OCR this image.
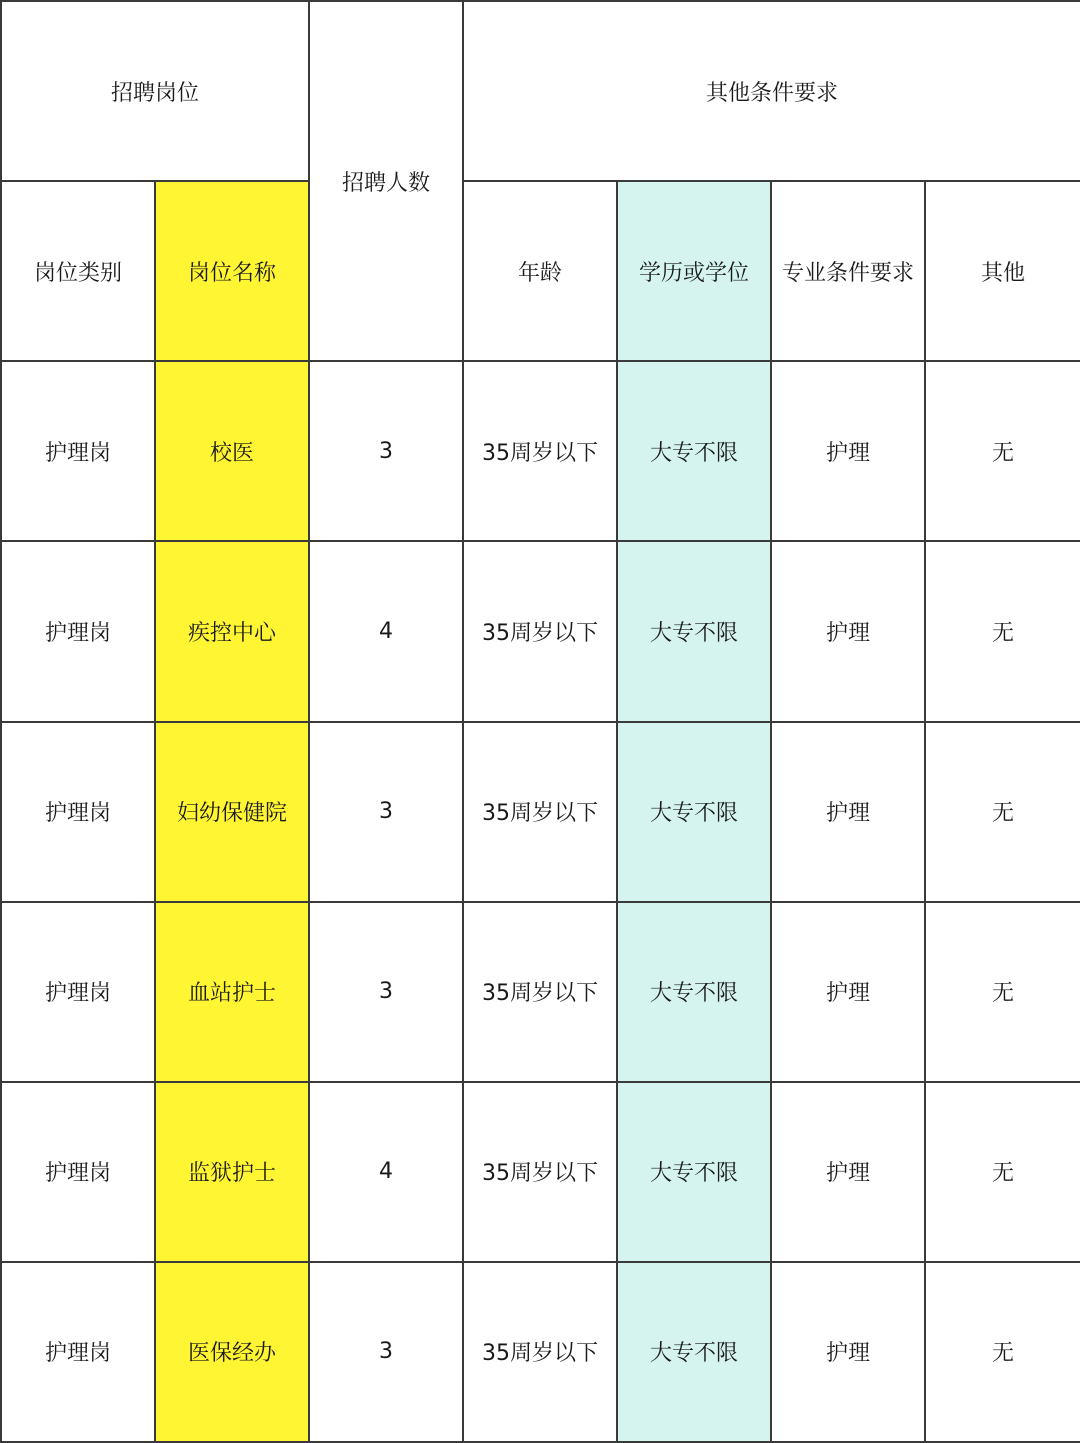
招聘岗位		招聘人数	其他条件要求			
岗位类别	岗位名称		年龄	学历或学位	专业条件要求	其他
护理岗	校医	3	35周岁以下	大专不限	护理	无
护理岗	疾控中心	4	35周岁以下	大专不限	护理	无
护理岗	妇幼保健院	3	35周岁以下	大专不限	护理	无
护理岗	血站护士	3	35周岁以下	大专不限	护理	无
护理岗	监狱护士	4	35周岁以下	大专不限	护理	无
护理岗	医保经办	3	35周岁以下	大专不限	护理	无
